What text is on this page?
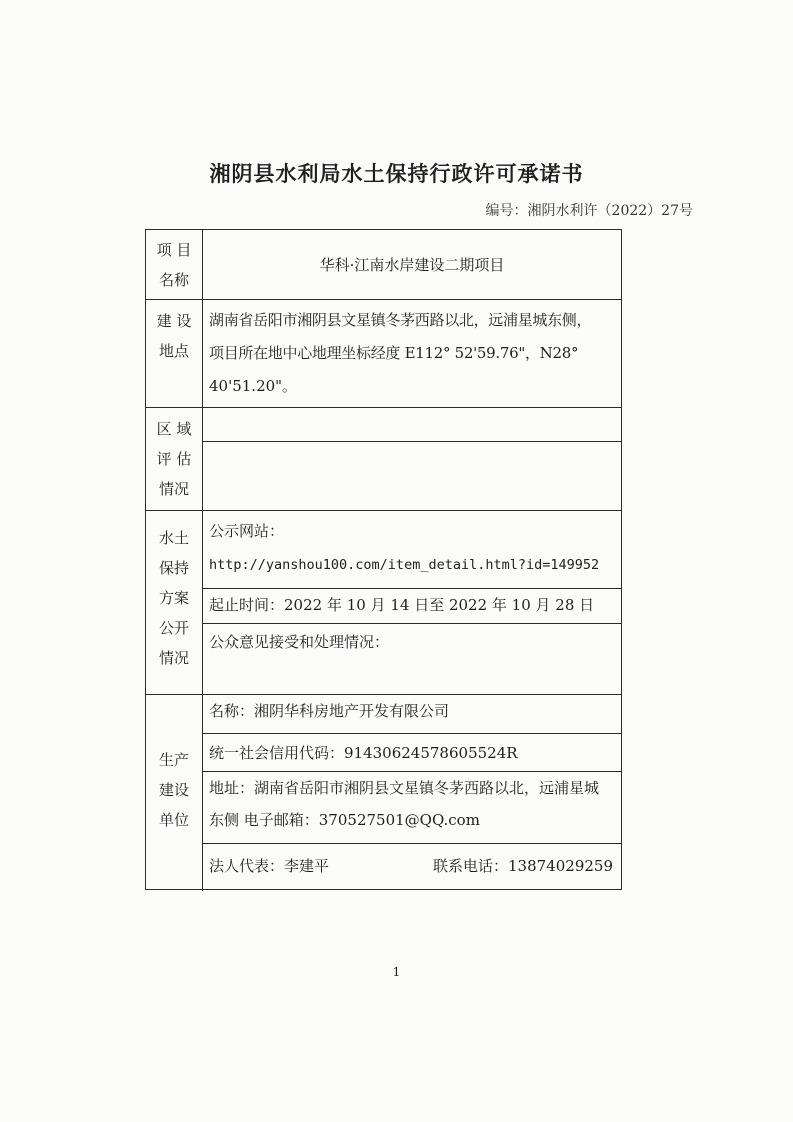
湘阴县水利局水土保持行政许可承诺书
编号：湘阴水利许（2022）27号
项 目
名称
华科·江南水岸建设二期项目
建 设
地点
湖南省岳阳市湘阴县文星镇冬茅西路以北，远浦星城东侧，
项目所在地中心地理坐标经度 E112° 52'59.76"，N28°
40'51.20"。
区 域
评 估
情况
水土
保持
方案
公开
情况
公示网站：
http://yanshou100.com/item_detail.html?id=149952
起止时间：2022 年 10 月 14 日至 2022 年 10 月 28 日
公众意见接受和处理情况：
生产
建设
单位
名称：湘阴华科房地产开发有限公司
统一社会信用代码：91430624578605524R
地址：湖南省岳阳市湘阴县文星镇冬茅西路以北，远浦星城
东侧 电子邮箱：370527501@QQ.com
法人代表：李建平	联系电话：13874029259
1
